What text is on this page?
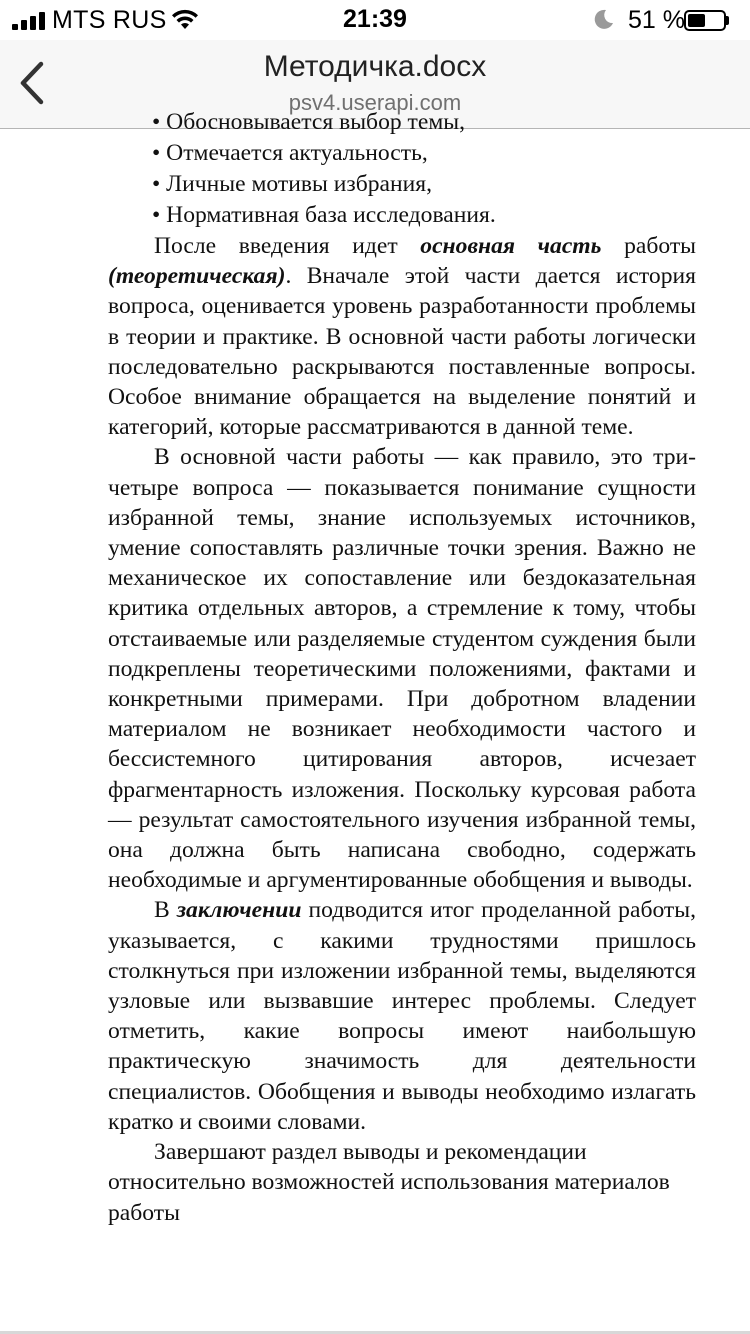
MTS RUS	21:39	51 %
Методичка.docx
psv4.userapi.com
• Обосновывается выбор темы,
• Отмечается актуальность,
• Личные мотивы избрания,
• Нормативная база исследования.

После введения идет основная часть работы (теоретическая). Вначале этой части дается история вопроса, оценивается уровень разработанности проблемы в теории и практике. В основной части работы логически последовательно раскрываются поставленные вопросы. Особое внимание обращается на выделение понятий и категорий, которые рассматриваются в данной теме.

В основной части работы — как правило, это три-четыре вопроса — показывается понимание сущности избранной темы, знание используемых источников, умение сопоставлять различные точки зрения. Важно не механическое их сопоставление или бездоказательная критика отдельных авторов, а стремление к тому, чтобы отстаиваемые или разделяемые студентом суждения были подкреплены теоретическими положениями, фактами и конкретными примерами. При добротном владении материалом не возникает необходимости частого и бессистемного цитирования авторов, исчезает фрагментарность изложения. Поскольку курсовая работа — результат самостоятельного изучения избранной темы, она должна быть написана свободно, содержать необходимые и аргументированные обобщения и выводы.

В заключении подводится итог проделанной работы, указывается, с какими трудностями пришлось столкнуться при изложении избранной темы, выделяются узловые или вызвавшие интерес проблемы. Следует отметить, какие вопросы имеют наибольшую практическую значимость для деятельности специалистов. Обобщения и выводы необходимо излагать кратко и своими словами.

Завершают раздел выводы и рекомендации относительно возможностей использования материалов работы
